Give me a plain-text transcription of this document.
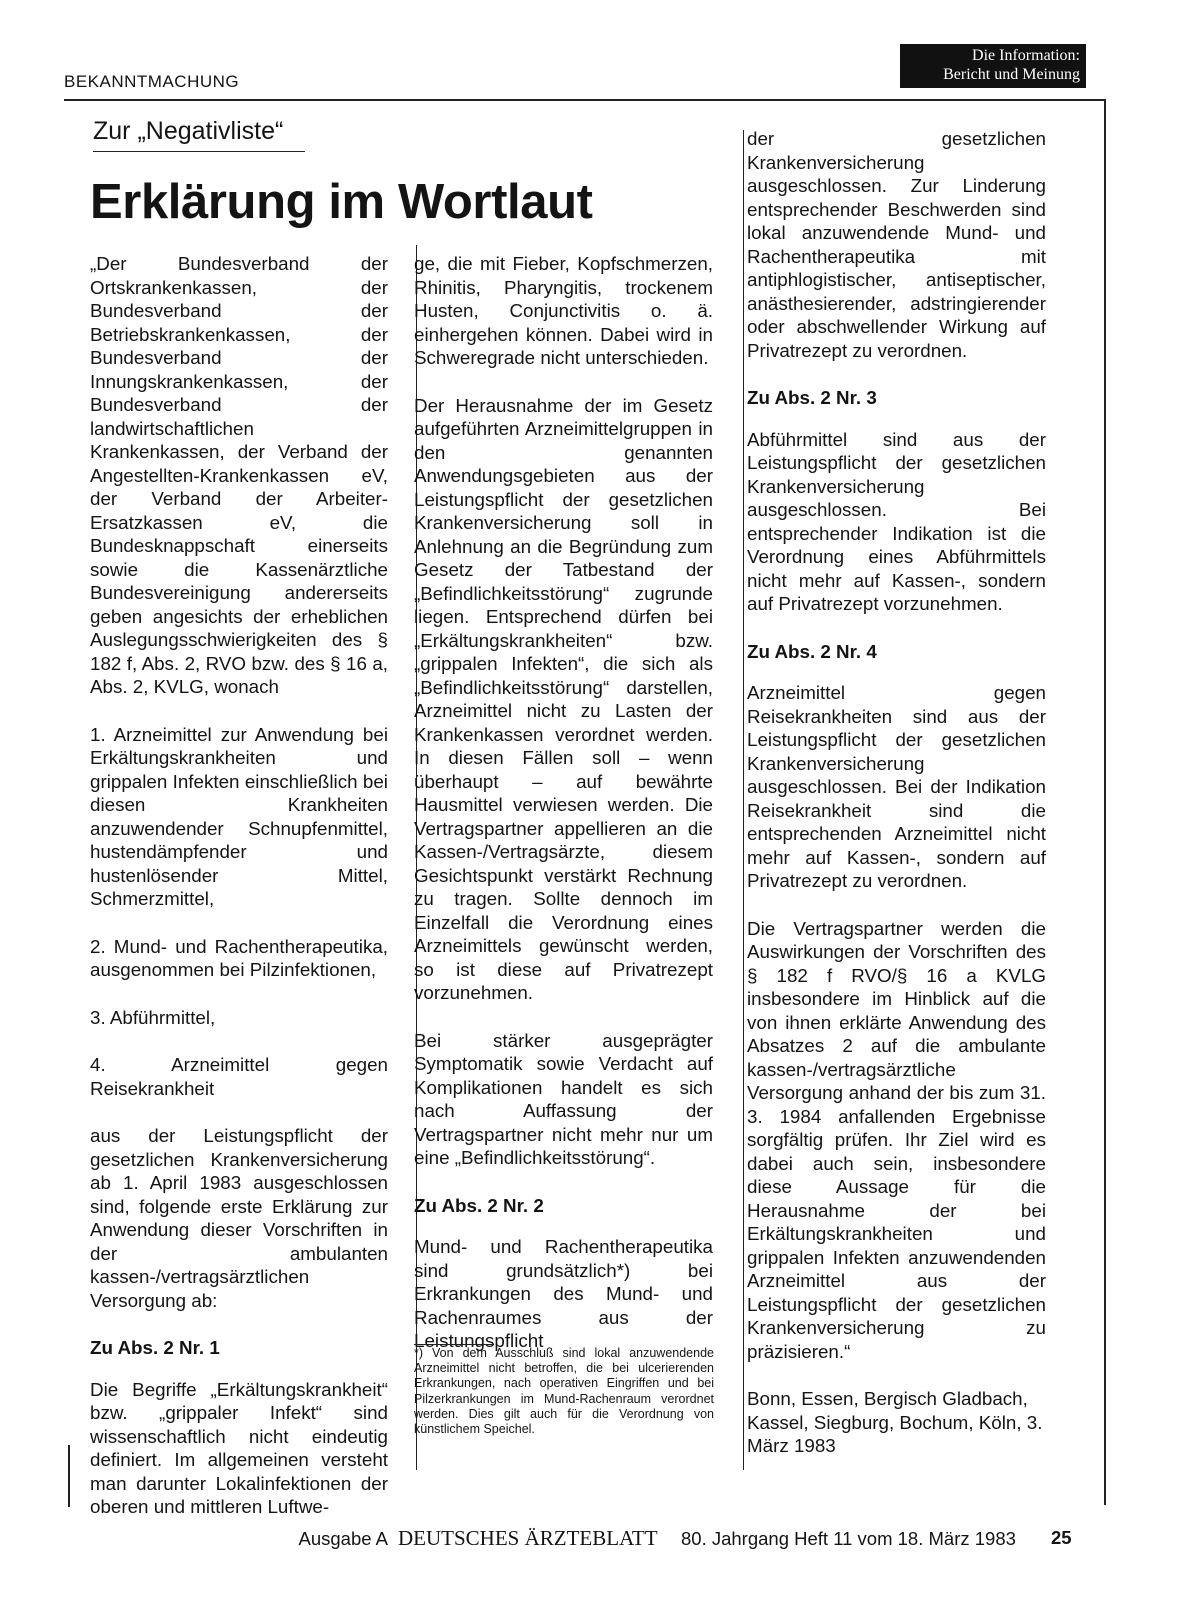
BEKANNTMACHUNG
Die Information:
Bericht und Meinung
Zur „Negativliste“
Erklärung im Wortlaut

„Der Bundesverband der Ortskrankenkassen, der Bundesverband der Betriebskrankenkassen, der Bundesverband der Innungskrankenkassen, der Bundesverband der landwirtschaftlichen Krankenkassen, der Verband der Angestellten-Krankenkassen eV, der Verband der Arbeiter-Ersatzkassen eV, die Bundesknappschaft einerseits sowie die Kassenärztliche Bundesvereinigung andererseits geben angesichts der erheblichen Auslegungsschwierigkeiten des § 182 f, Abs. 2, RVO bzw. des § 16 a, Abs. 2, KVLG, wonach

1. Arzneimittel zur Anwendung bei Erkältungskrankheiten und grippalen Infekten einschließlich bei diesen Krankheiten anzuwendender Schnupfenmittel, hustendämpfender und hustenlösender Mittel, Schmerzmittel,

2. Mund- und Rachentherapeutika, ausgenommen bei Pilzinfektionen,

3. Abführmittel,

4. Arzneimittel gegen Reisekrankheit

aus der Leistungspflicht der gesetzlichen Krankenversicherung ab 1. April 1983 ausgeschlossen sind, folgende erste Erklärung zur Anwendung dieser Vorschriften in der ambulanten kassen-/vertragsärztlichen Versorgung ab:

Zu Abs. 2 Nr. 1

Die Begriffe „Erkältungskrankheit“ bzw. „grippaler Infekt“ sind wissenschaftlich nicht eindeutig definiert. Im allgemeinen versteht man darunter Lokalinfektionen der oberen und mittleren Luftwe-

ge, die mit Fieber, Kopfschmerzen, Rhinitis, Pharyngitis, trockenem Husten, Conjunctivitis o. ä. einhergehen können. Dabei wird in Schweregrade nicht unterschieden.

Der Herausnahme der im Gesetz aufgeführten Arzneimittelgruppen in den genannten Anwendungsgebieten aus der Leistungspflicht der gesetzlichen Krankenversicherung soll in Anlehnung an die Begründung zum Gesetz der Tatbestand der „Befindlichkeitsstörung“ zugrunde liegen. Entsprechend dürfen bei „Erkältungskrankheiten“ bzw. „grippalen Infekten“, die sich als „Befindlichkeitsstörung“ darstellen, Arzneimittel nicht zu Lasten der Krankenkassen verordnet werden. In diesen Fällen soll – wenn überhaupt – auf bewährte Hausmittel verwiesen werden. Die Vertragspartner appellieren an die Kassen-/Vertragsärzte, diesem Gesichtspunkt verstärkt Rechnung zu tragen. Sollte dennoch im Einzelfall die Verordnung eines Arzneimittels gewünscht werden, so ist diese auf Privatrezept vorzunehmen.

Bei stärker ausgeprägter Symptomatik sowie Verdacht auf Komplikationen handelt es sich nach Auffassung der Vertragspartner nicht mehr nur um eine „Befindlichkeitsstörung“.

Zu Abs. 2 Nr. 2

Mund- und Rachentherapeutika sind grundsätzlich*) bei Erkrankungen des Mund- und Rachenraumes aus der Leistungspflicht

*) Von dem Ausschluß sind lokal anzuwendende Arzneimittel nicht betroffen, die bei ulcerierenden Erkrankungen, nach operativen Eingriffen und bei Pilzerkrankungen im Mund-Rachenraum verordnet werden. Dies gilt auch für die Verordnung von künstlichem Speichel.

der gesetzlichen Krankenversicherung ausgeschlossen. Zur Linderung entsprechender Beschwerden sind lokal anzuwendende Mund- und Rachentherapeutika mit antiphlogistischer, antiseptischer, anästhesierender, adstringierender oder abschwellender Wirkung auf Privatrezept zu verordnen.

Zu Abs. 2 Nr. 3

Abführmittel sind aus der Leistungspflicht der gesetzlichen Krankenversicherung ausgeschlossen. Bei entsprechender Indikation ist die Verordnung eines Abführmittels nicht mehr auf Kassen-, sondern auf Privatrezept vorzunehmen.

Zu Abs. 2 Nr. 4

Arzneimittel gegen Reisekrankheiten sind aus der Leistungspflicht der gesetzlichen Krankenversicherung ausgeschlossen. Bei der Indikation Reisekrankheit sind die entsprechenden Arzneimittel nicht mehr auf Kassen-, sondern auf Privatrezept zu verordnen.

Die Vertragspartner werden die Auswirkungen der Vorschriften des § 182 f RVO/§ 16 a KVLG insbesondere im Hinblick auf die von ihnen erklärte Anwendung des Absatzes 2 auf die ambulante kassen-/vertragsärztliche Versorgung anhand der bis zum 31. 3. 1984 anfallenden Ergebnisse sorgfältig prüfen. Ihr Ziel wird es dabei auch sein, insbesondere diese Aussage für die Herausnahme der bei Erkältungskrankheiten und grippalen Infekten anzuwendenden Arzneimittel aus der Leistungspflicht der gesetzlichen Krankenversicherung zu präzisieren.“

Bonn, Essen, Bergisch Gladbach, Kassel, Siegburg, Bochum, Köln, 3. März 1983

Ausgabe A DEUTSCHES ÄRZTEBLATT 80. Jahrgang Heft 11 vom 18. März 1983 25
